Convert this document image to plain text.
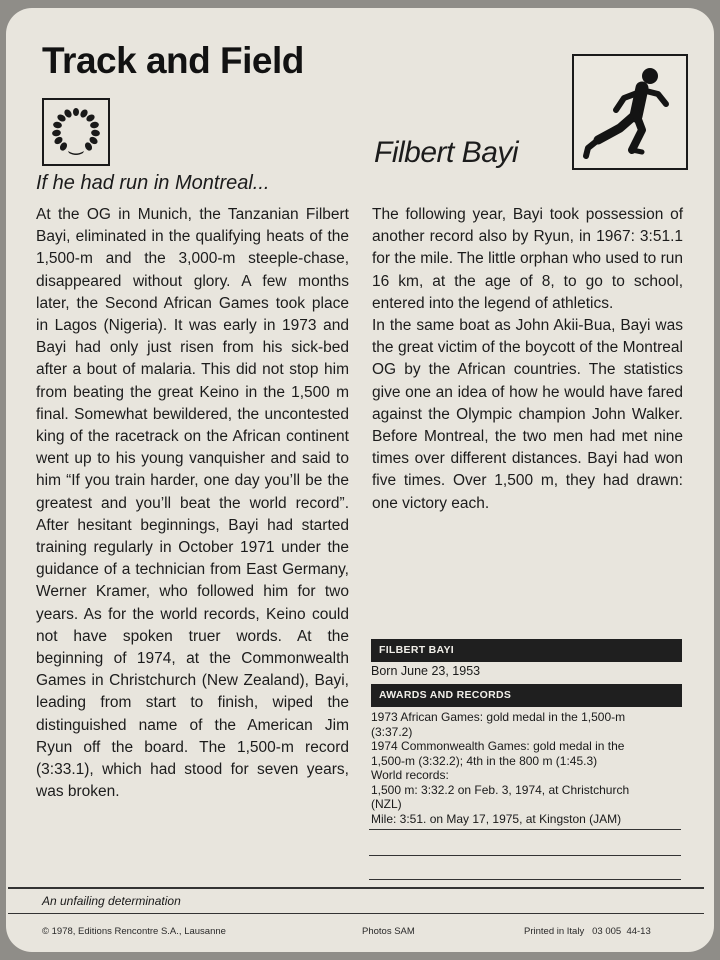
Track and Field
Filbert Bayi
If he had run in Montreal...

At the OG in Munich, the Tanzanian Filbert Bayi, eliminated in the qualifying heats of the 1,500-m and the 3,000-m steeple-chase, disappeared without glory. A few months later, the Second African Games took place in Lagos (Nigeria). It was early in 1973 and Bayi had only just risen from his sick-bed after a bout of malaria. This did not stop him from beating the great Keino in the 1,500 m final. Somewhat bewildered, the uncontested king of the racetrack on the African continent went up to his young vanquisher and said to him “If you train harder, one day you’ll be the greatest and you’ll beat the world record”. After hesitant beginnings, Bayi had started training regularly in October 1971 under the guidance of a technician from East Germany, Werner Kramer, who followed him for two years. As for the world records, Keino could not have spoken truer words. At the beginning of 1974, at the Commonwealth Games in Christchurch (New Zealand), Bayi, leading from start to finish, wiped the distinguished name of the American Jim Ryun off the board. The 1,500-m record (3:33.1), which had stood for seven years, was broken.

The following year, Bayi took possession of another record also by Ryun, in 1967: 3:51.1 for the mile. The little orphan who used to run 16 km, at the age of 8, to go to school, entered into the legend of athletics.

In the same boat as John Akii-Bua, Bayi was the great victim of the boycott of the Montreal OG by the African countries. The statistics give one an idea of how he would have fared against the Olympic champion John Walker. Before Montreal, the two men had met nine times over different distances. Bayi had won five times. Over 1,500 m, they had drawn: one victory each.

FILBERT BAYI
Born June 23, 1953
AWARDS AND RECORDS
1973 African Games: gold medal in the 1,500-m
(3:37.2)
1974 Commonwealth Games: gold medal in the
1,500-m (3:32.2); 4th in the 800 m (1:45.3)
World records:
1,500 m: 3:32.2 on Feb. 3, 1974, at Christchurch
(NZL)
Mile: 3:51. on May 17, 1975, at Kingston (JAM)
An unfailing determination
© 1978, Editions Rencontre S.A., Lausanne	Photos SAM	Printed in Italy   03 005  44-13
